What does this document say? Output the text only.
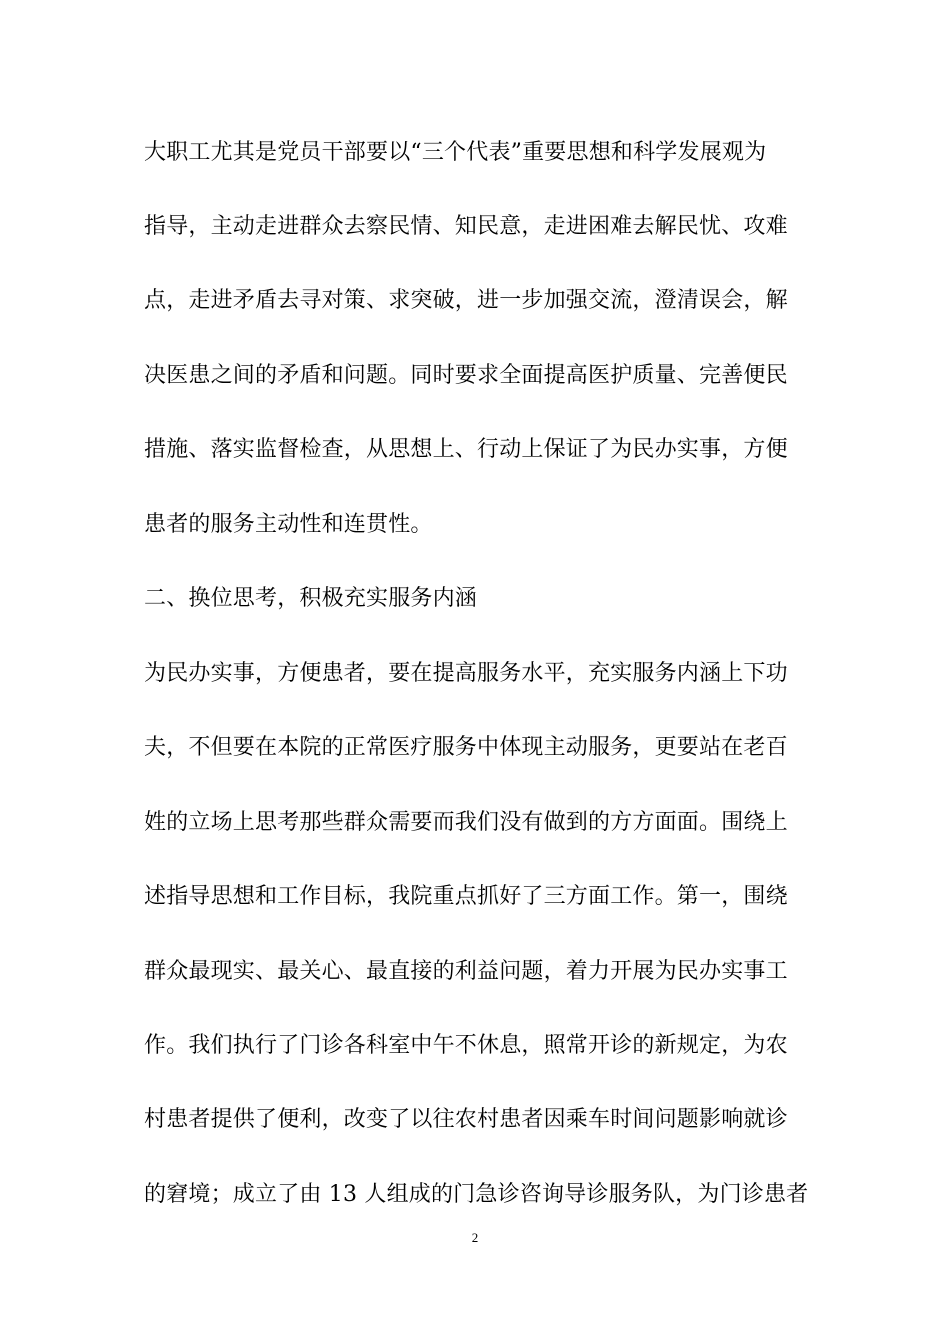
大职工尤其是党员干部要以“三个代表”重要思想和科学发展观为
指导，主动走进群众去察民情、知民意，走进困难去解民忧、攻难
点，走进矛盾去寻对策、求突破，进一步加强交流，澄清误会，解
决医患之间的矛盾和问题。同时要求全面提高医护质量、完善便民
措施、落实监督检查，从思想上、行动上保证了为民办实事，方便
患者的服务主动性和连贯性。
二、换位思考，积极充实服务内涵
为民办实事，方便患者，要在提高服务水平，充实服务内涵上下功
夫，不但要在本院的正常医疗服务中体现主动服务，更要站在老百
姓的立场上思考那些群众需要而我们没有做到的方方面面。围绕上
述指导思想和工作目标，我院重点抓好了三方面工作。第一，围绕
群众最现实、最关心、最直接的利益问题，着力开展为民办实事工
作。我们执行了门诊各科室中午不休息，照常开诊的新规定，为农
村患者提供了便利，改变了以往农村患者因乘车时间问题影响就诊
的窘境；成立了由 13 人组成的门急诊咨询导诊服务队，为门诊患者
2
